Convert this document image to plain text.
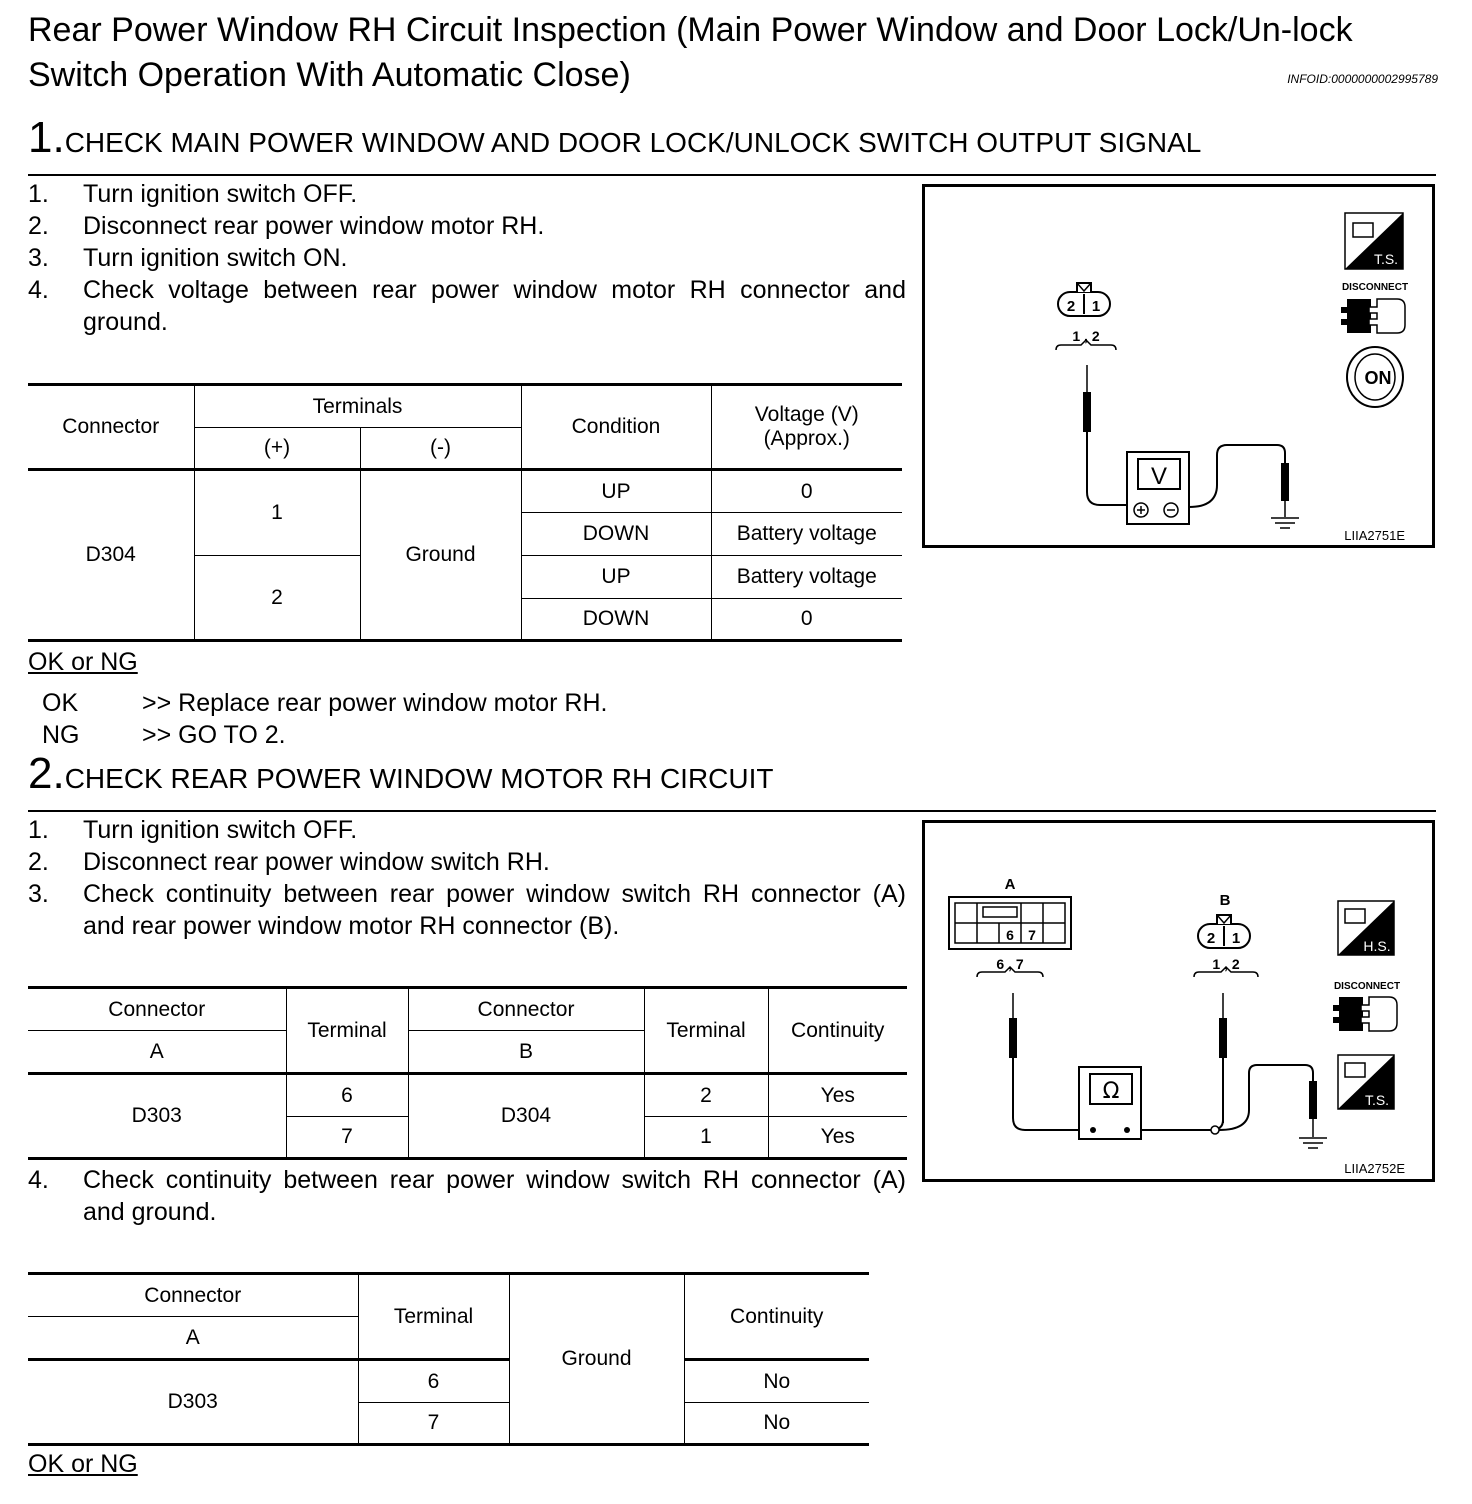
Rear Power Window RH Circuit Inspection (Main Power Window and Door Lock/Un-lock Switch Operation With Automatic Close)	INFOID:0000000002995789
1.CHECK MAIN POWER WINDOW AND DOOR LOCK/UNLOCK SWITCH OUTPUT SIGNAL
1.	Turn ignition switch OFF.
2.	Disconnect rear power window motor RH.
3.	Turn ignition switch ON.
4.	Check voltage between rear power window motor RH connector and ground.
Connector	Terminals		Condition	Voltage (V)
(Approx.)
	(+)	(-)		
D304	1	Ground	UP	0
			DOWN	Battery voltage
	2		UP	Battery voltage
			DOWN	0
OK or NG
OK	>> Replace rear power window motor RH.
NG	>> GO TO 2.
2 1
1 , 2
V
T.S.
DISCONNECT
ON
LIIA2751E
2.CHECK REAR POWER WINDOW MOTOR RH CIRCUIT
1.	Turn ignition switch OFF.
2.	Disconnect rear power window switch RH.
3.	Check continuity between rear power window switch RH connector (A) and rear power window motor RH connector (B).
Connector	Terminal	Connector	Terminal	Continuity
A		B		
D303	6	D304	2	Yes
	7		1	Yes
4.	Check continuity between rear power window switch RH connector (A) and ground.
Connector	Terminal	Ground	Continuity
A			
D303	6		No
	7		No
OK or NG
A
6 7
6 , 7
B
2 1
1 , 2
Ω
H.S.
DISCONNECT
T.S.
LIIA2752E
